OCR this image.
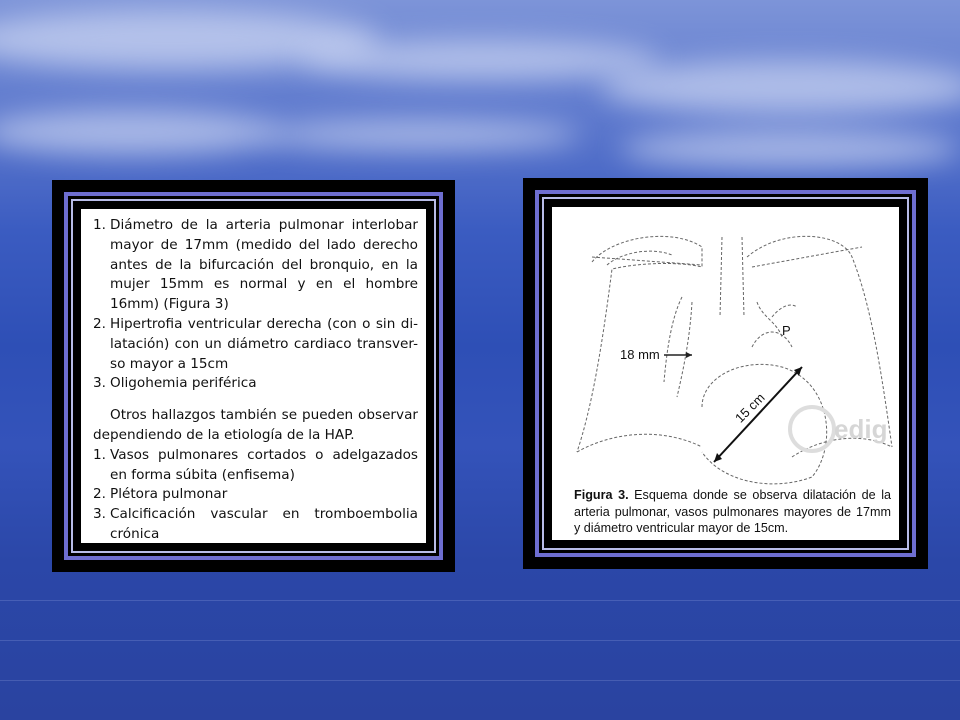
1. Diámetro de la arteria pulmonar interlobar mayor de 17mm (medido del lado derecho antes de la bifurcación del bronquio, en la mujer 15mm es normal y en el hombre 16mm) (Figura 3)
2. Hipertrofia ventricular derecha (con o sin di-latación) con un diámetro cardiaco transver-so mayor a 15cm
3. Oligohemia periférica
Otros hallazgos también se pueden observar dependiendo de la etiología de la HAP.
1. Vasos pulmonares cortados o adelgazados en forma súbita (enfisema)
2. Plétora pulmonar
3. Calcificación vascular en tromboembolia crónica
P
18 mm
15 cm
edig
Figura 3. Esquema donde se observa dilatación de la arteria pulmonar, vasos pulmonares mayores de 17mm y diámetro ventricular mayor de 15cm.
